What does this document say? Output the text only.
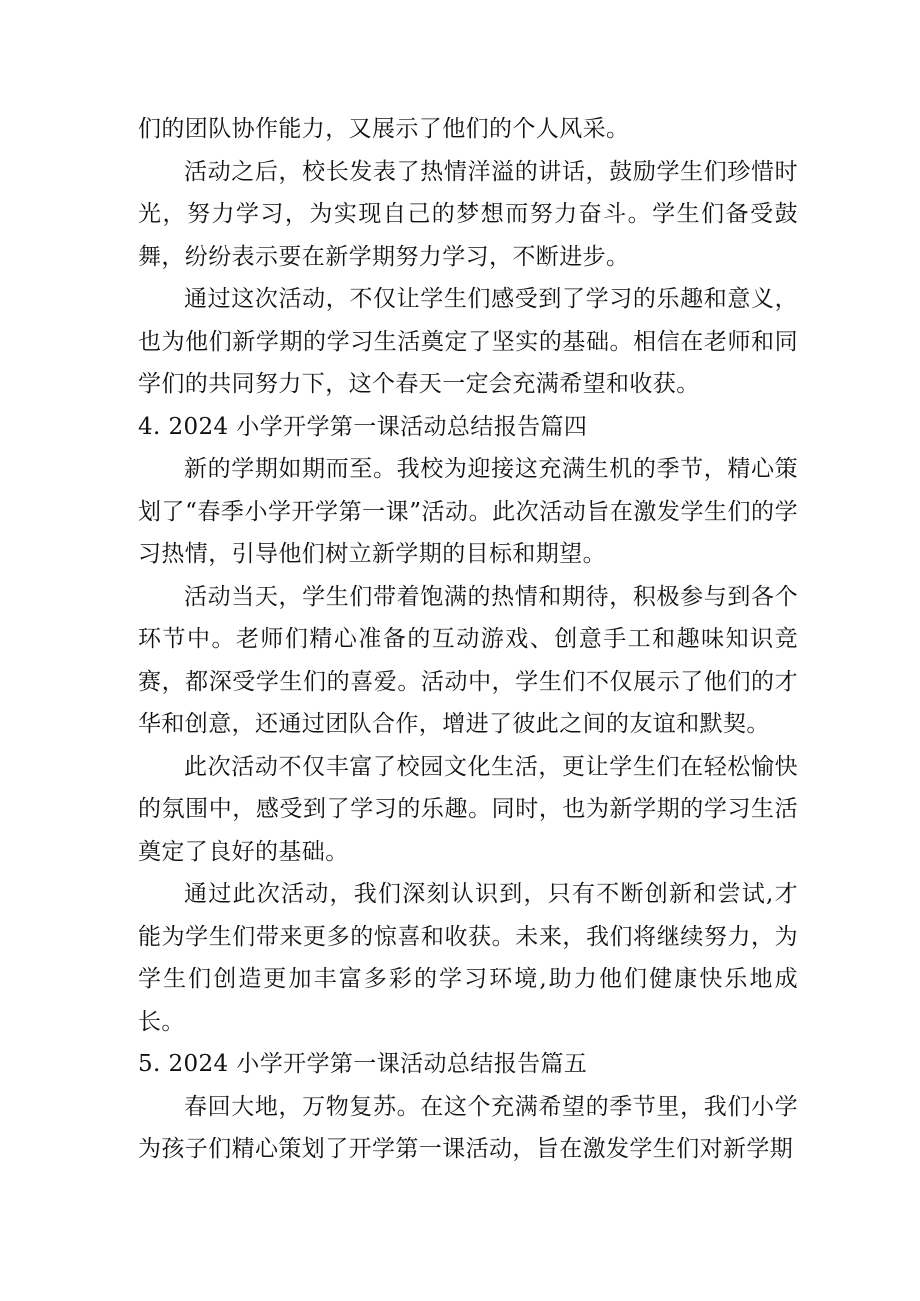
们的团队协作能力，又展示了他们的个人风采。

活动之后，校长发表了热情洋溢的讲话，鼓励学生们珍惜时光，努力学习，为实现自己的梦想而努力奋斗。学生们备受鼓舞，纷纷表示要在新学期努力学习，不断进步。

通过这次活动，不仅让学生们感受到了学习的乐趣和意义，也为他们新学期的学习生活奠定了坚实的基础。相信在老师和同学们的共同努力下，这个春天一定会充满希望和收获。

4. 2024 小学开学第一课活动总结报告篇四

新的学期如期而至。我校为迎接这充满生机的季节，精心策划了“春季小学开学第一课”活动。此次活动旨在激发学生们的学习热情，引导他们树立新学期的目标和期望。

活动当天，学生们带着饱满的热情和期待，积极参与到各个环节中。老师们精心准备的互动游戏、创意手工和趣味知识竞赛，都深受学生们的喜爱。活动中，学生们不仅展示了他们的才华和创意，还通过团队合作，增进了彼此之间的友谊和默契。

此次活动不仅丰富了校园文化生活，更让学生们在轻松愉快的氛围中，感受到了学习的乐趣。同时，也为新学期的学习生活奠定了良好的基础。

通过此次活动，我们深刻认识到，只有不断创新和尝试,才能为学生们带来更多的惊喜和收获。未来，我们将继续努力，为学生们创造更加丰富多彩的学习环境,助力他们健康快乐地成长。

5. 2024 小学开学第一课活动总结报告篇五

春回大地，万物复苏。在这个充满希望的季节里，我们小学为孩子们精心策划了开学第一课活动，旨在激发学生们对新学期
